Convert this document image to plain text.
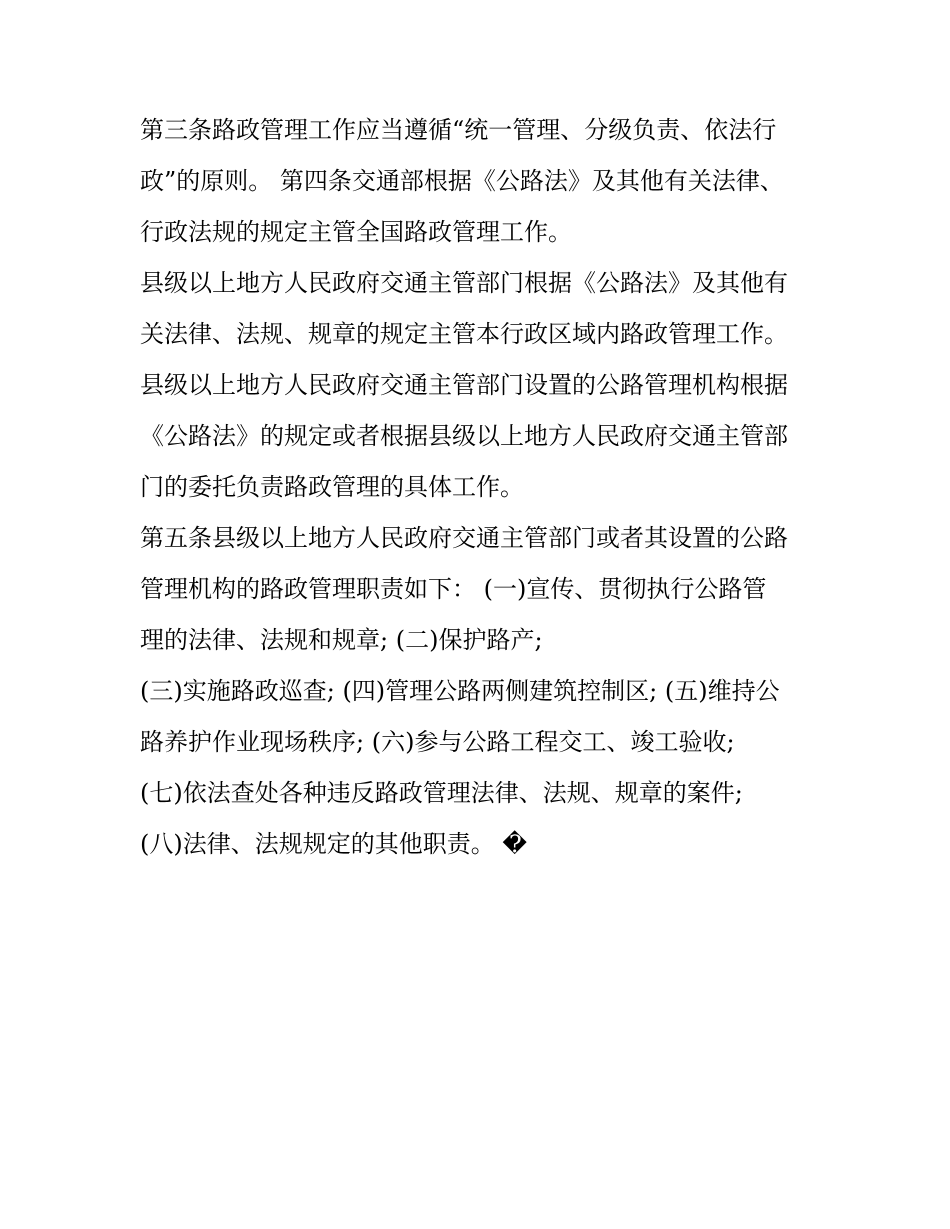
第三条路政管理工作应当遵循“统一管理、分级负责、依法行
政”的原则。 第四条交通部根据《公路法》及其他有关法律、
行政法规的规定主管全国路政管理工作。

县级以上地方人民政府交通主管部门根据《公路法》及其他有
关法律、法规、规章的规定主管本行政区域内路政管理工作。

县级以上地方人民政府交通主管部门设置的公路管理机构根据
《公路法》的规定或者根据县级以上地方人民政府交通主管部
门的委托负责路政管理的具体工作。

第五条县级以上地方人民政府交通主管部门或者其设置的公路
管理机构的路政管理职责如下： (一)宣传、贯彻执行公路管
理的法律、法规和规章; (二)保护路产;

(三)实施路政巡查; (四)管理公路两侧建筑控制区; (五)维持公
路养护作业现场秩序; (六)参与公路工程交工、竣工验收;

(七)依法查处各种违反路政管理法律、法规、规章的案件;

(八)法律、法规规定的其他职责。 �
